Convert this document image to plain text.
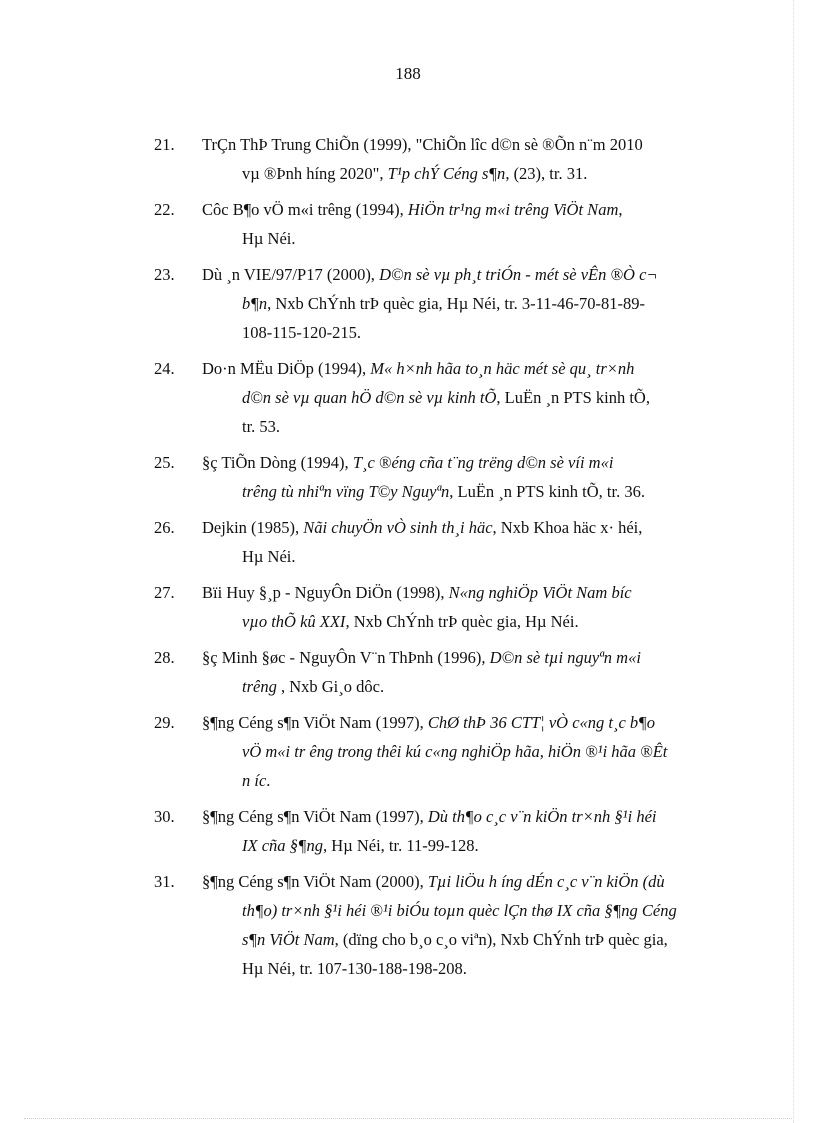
188
21. TrÇn ThÞ Trung ChiÕn (1999), "ChiÕn lîc d©n sè ®Õn n¨m 2010
vµ ®Þnh híng 2020", T¹p chÝ Céng s¶n, (23), tr. 31.
22. Côc B¶o vÖ m«i trêng (1994), HiÖn tr¹ng m«i trêng ViÖt Nam,
Hµ Néi.
23. Dù ¸n VIE/97/P17 (2000), D©n sè vµ ph¸t triÓn - mét sè vÊn ®Ò c¬
b¶n, Nxb ChÝnh trÞ quèc gia, Hµ Néi, tr. 3-11-46-70-81-89-
108-115-120-215.
24. Do·n MËu DiÖp (1994), M« h×nh hãa to¸n häc mét sè qu¸ tr×nh
d©n sè vµ quan hÖ d©n sè vµ kinh tÕ, LuËn ¸n PTS kinh tÕ,
tr. 53.
25. §ç TiÕn Dòng (1994), T¸c ®éng cña t¨ng trëng d©n sè víi m«i
trêng tù nhiªn vïng T©y Nguyªn, LuËn ¸n PTS kinh tÕ, tr. 36.
26. Dejkin (1985), Nãi chuyÖn vÒ sinh th¸i häc, Nxb Khoa häc x· héi,
Hµ Néi.
27. Bïi Huy §¸p - NguyÔn DiÖn (1998), N«ng nghiÖp ViÖt Nam bíc
vµo thÕ kû XXI, Nxb ChÝnh trÞ quèc gia, Hµ Néi.
28. §ç Minh §øc - NguyÔn V¨n ThÞnh (1996), D©n sè tµi nguyªn m«i
trêng , Nxb Gi¸o dôc.
29. §¶ng Céng s¶n ViÖt Nam (1997), ChØ thÞ 36 CTT¦ vÒ c«ng t¸c b¶o
vÖ m«i tr êng trong thêi kú c«ng nghiÖp hãa, hiÖn ®¹i hãa ®Êt
n íc.
30. §¶ng Céng s¶n ViÖt Nam (1997), Dù th¶o c¸c v¨n kiÖn tr×nh §¹i héi
IX cña §¶ng, Hµ Néi, tr. 11-99-128.
31. §¶ng Céng s¶n ViÖt Nam (2000), Tµi liÖu h íng dÉn c¸c v¨n kiÖn (dù
th¶o) tr×nh §¹i héi ®¹i biÓu toµn quèc lÇn thø IX cña §¶ng Céng
s¶n ViÖt Nam, (dïng cho b¸o c¸o viªn), Nxb ChÝnh trÞ quèc gia,
Hµ Néi, tr. 107-130-188-198-208.
